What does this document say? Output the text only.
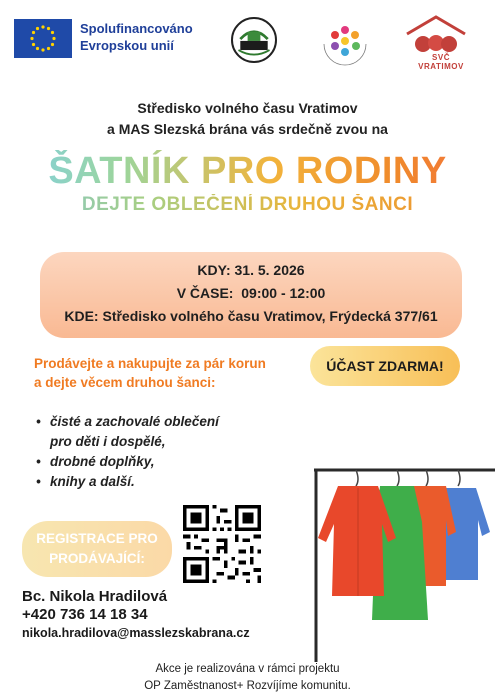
Spolufinancováno
Evropskou unií
SVČ VRATIMOV
Středisko volného času Vratimov
a MAS Slezská brána vás srdečně zvou na
ŠATNÍK PRO RODINY
DEJTE OBLEČENÍ DRUHOU ŠANCI
KDY: 31. 5. 2026
V ČASE:  09:00 - 12:00
KDE: Středisko volného času Vratimov, Frýdecká 377/61
Prodávejte a nakupujte za pár korun
a dejte věcem druhou šanci:
ÚČAST ZDARMA!
• čisté a zachovalé oblečení
pro děti i dospělé,
• drobné doplňky,
• knihy a další.
REGISTRACE PRO
PRODÁVAJÍCÍ:
Bc. Nikola Hradilová
+420 736 14 18 34
nikola.hradilova@masslezskabrana.cz
Akce je realizována v rámci projektu
OP Zaměstnanost+ Rozvíjíme komunitu.
